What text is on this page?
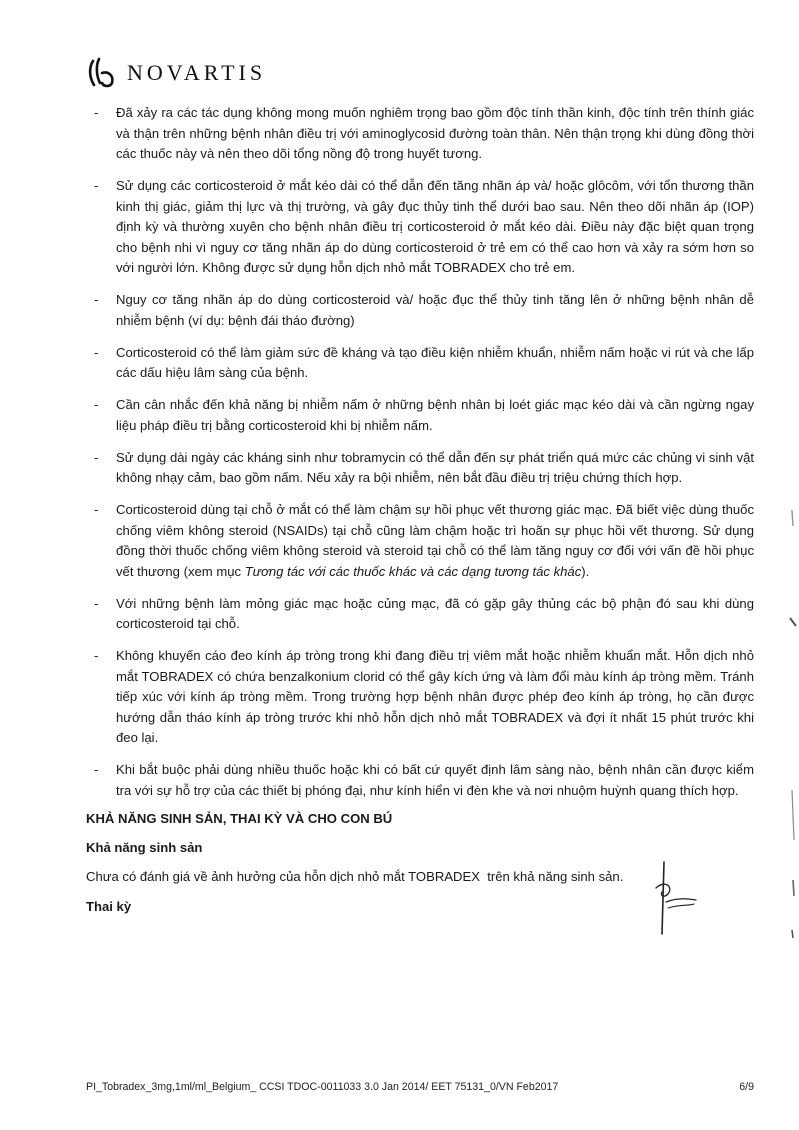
NOVARTIS
- Đã xảy ra các tác dụng không mong muốn nghiêm trọng bao gồm độc tính thần kinh, độc tính trên thính giác và thận trên những bệnh nhân điều trị với aminoglycosid đường toàn thân. Nên thận trọng khi dùng đồng thời các thuốc này và nên theo dõi tổng nồng độ trong huyết tương.
- Sử dụng các corticosteroid ở mắt kéo dài có thể dẫn đến tăng nhãn áp và/ hoặc glôcôm, với tổn thương thần kinh thị giác, giảm thị lực và thị trường, và gây đục thủy tinh thể dưới bao sau. Nên theo dõi nhãn áp (IOP) định kỳ và thường xuyên cho bệnh nhân điều trị corticosteroid ở mắt kéo dài. Điều này đặc biệt quan trọng cho bệnh nhi vì nguy cơ tăng nhãn áp do dùng corticosteroid ở trẻ em có thể cao hơn và xảy ra sớm hơn so với người lớn. Không được sử dụng hỗn dịch nhỏ mắt TOBRADEX cho trẻ em.
- Nguy cơ tăng nhãn áp do dùng corticosteroid và/ hoặc đục thể thủy tinh tăng lên ở những bệnh nhân dễ nhiễm bệnh (ví dụ: bệnh đái tháo đường)
- Corticosteroid có thể làm giảm sức đề kháng và tạo điều kiện nhiễm khuẩn, nhiễm nấm hoặc vi rút và che lấp các dấu hiệu lâm sàng của bệnh.
- Cần cân nhắc đến khả năng bị nhiễm nấm ở những bệnh nhân bị loét giác mạc kéo dài và cần ngừng ngay liệu pháp điều trị bằng corticosteroid khi bị nhiễm nấm.
- Sử dụng dài ngày các kháng sinh như tobramycin có thể dẫn đến sự phát triển quá mức các chủng vi sinh vật không nhạy cảm, bao gồm nấm. Nếu xảy ra bội nhiễm, nên bắt đầu điều trị triệu chứng thích hợp.
- Corticosteroid dùng tại chỗ ở mắt có thể làm chậm sự hồi phục vết thương giác mạc. Đã biết việc dùng thuốc chống viêm không steroid (NSAIDs) tại chỗ cũng làm chậm hoặc trì hoãn sự phục hồi vết thương. Sử dụng đồng thời thuốc chống viêm không steroid và steroid tại chỗ có thể làm tăng nguy cơ đối với vấn đề hồi phục vết thương (xem mục Tương tác với các thuốc khác và các dạng tương tác khác).
- Với những bệnh làm mỏng giác mạc hoặc củng mạc, đã có gặp gây thủng các bộ phận đó sau khi dùng corticosteroid tại chỗ.
- Không khuyến cáo đeo kính áp tròng trong khi đang điều trị viêm mắt hoặc nhiễm khuẩn mắt. Hỗn dịch nhỏ mắt TOBRADEX có chứa benzalkonium clorid có thể gây kích ứng và làm đổi màu kính áp tròng mềm. Tránh tiếp xúc với kính áp tròng mềm. Trong trường hợp bệnh nhân được phép đeo kính áp tròng, họ cần được hướng dẫn tháo kính áp tròng trước khi nhỏ hỗn dịch nhỏ mắt TOBRADEX và đợi ít nhất 15 phút trước khi đeo lại.
- Khi bắt buộc phải dùng nhiều thuốc hoặc khi có bất cứ quyết định lâm sàng nào, bệnh nhân cần được kiểm tra với sự hỗ trợ của các thiết bị phóng đại, như kính hiển vi đèn khe và nơi nhuộm huỳnh quang thích hợp.
KHẢ NĂNG SINH SẢN, THAI KỲ VÀ CHO CON BÚ
Khả năng sinh sản
Chưa có đánh giá về ảnh hưởng của hỗn dịch nhỏ mắt TOBRADEX  trên khả năng sinh sản.
Thai kỳ
PI_Tobradex_3mg,1ml/ml_Belgium_ CCSI TDOC-0011033 3.0 Jan 2014/ EET 75131_0/VN Feb2017	6/9
